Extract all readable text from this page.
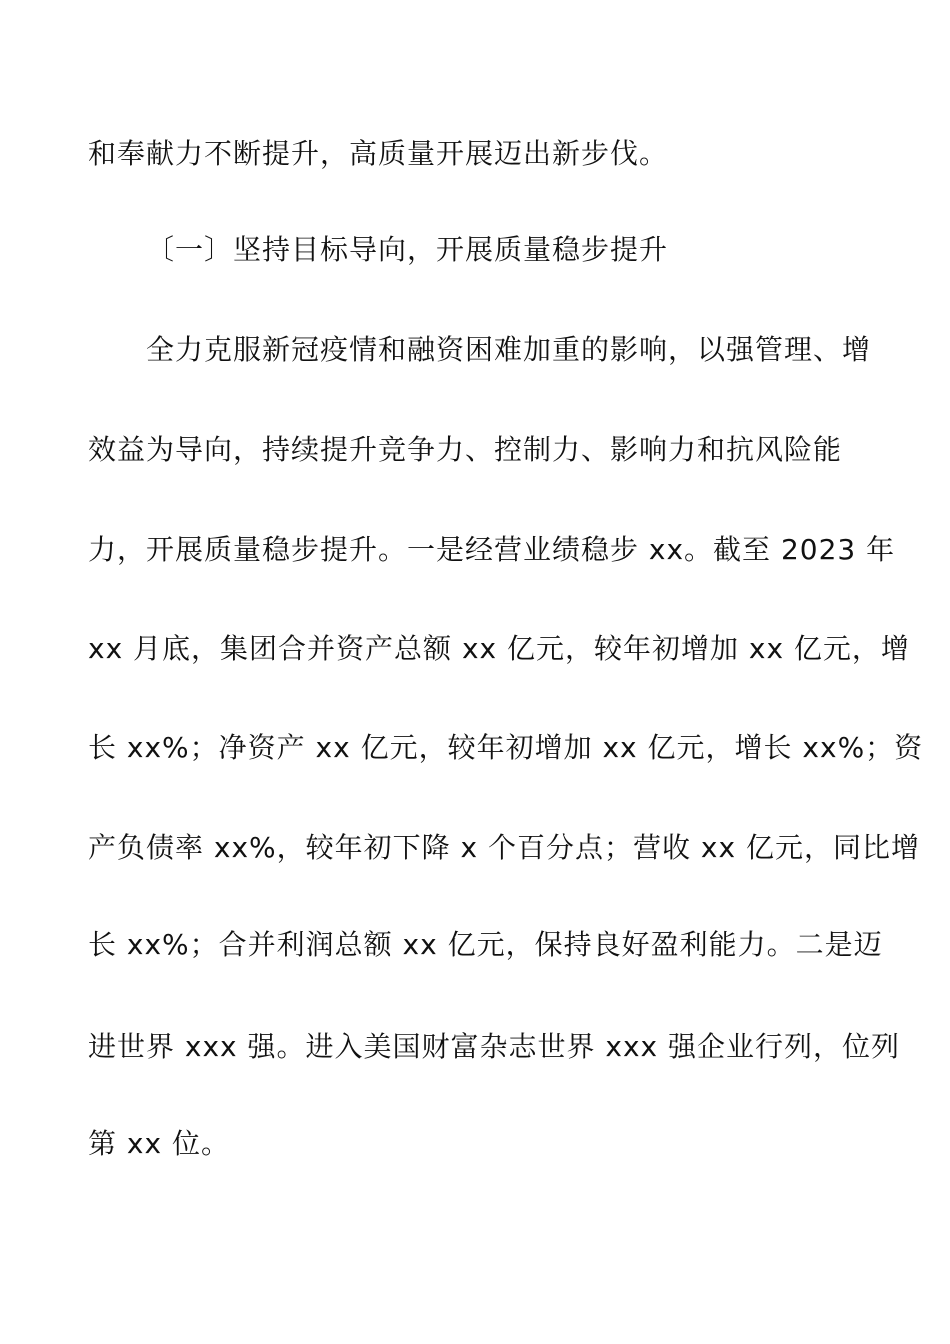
和奉献力不断提升，高质量开展迈出新步伐。
〔一〕坚持目标导向，开展质量稳步提升
全力克服新冠疫情和融资困难加重的影响，以强管理、增
效益为导向，持续提升竞争力、控制力、影响力和抗风险能
力，开展质量稳步提升。一是经营业绩稳步 xx。截至 2023 年
xx 月底，集团合并资产总额 xx 亿元，较年初增加 xx 亿元，增
长 xx%；净资产 xx 亿元，较年初增加 xx 亿元，增长 xx%；资
产负债率 xx%，较年初下降 x 个百分点；营收 xx 亿元，同比增
长 xx%；合并利润总额 xx 亿元，保持良好盈利能力。二是迈
进世界 xxx 强。进入美国财富杂志世界 xxx 强企业行列，位列
第 xx 位。
